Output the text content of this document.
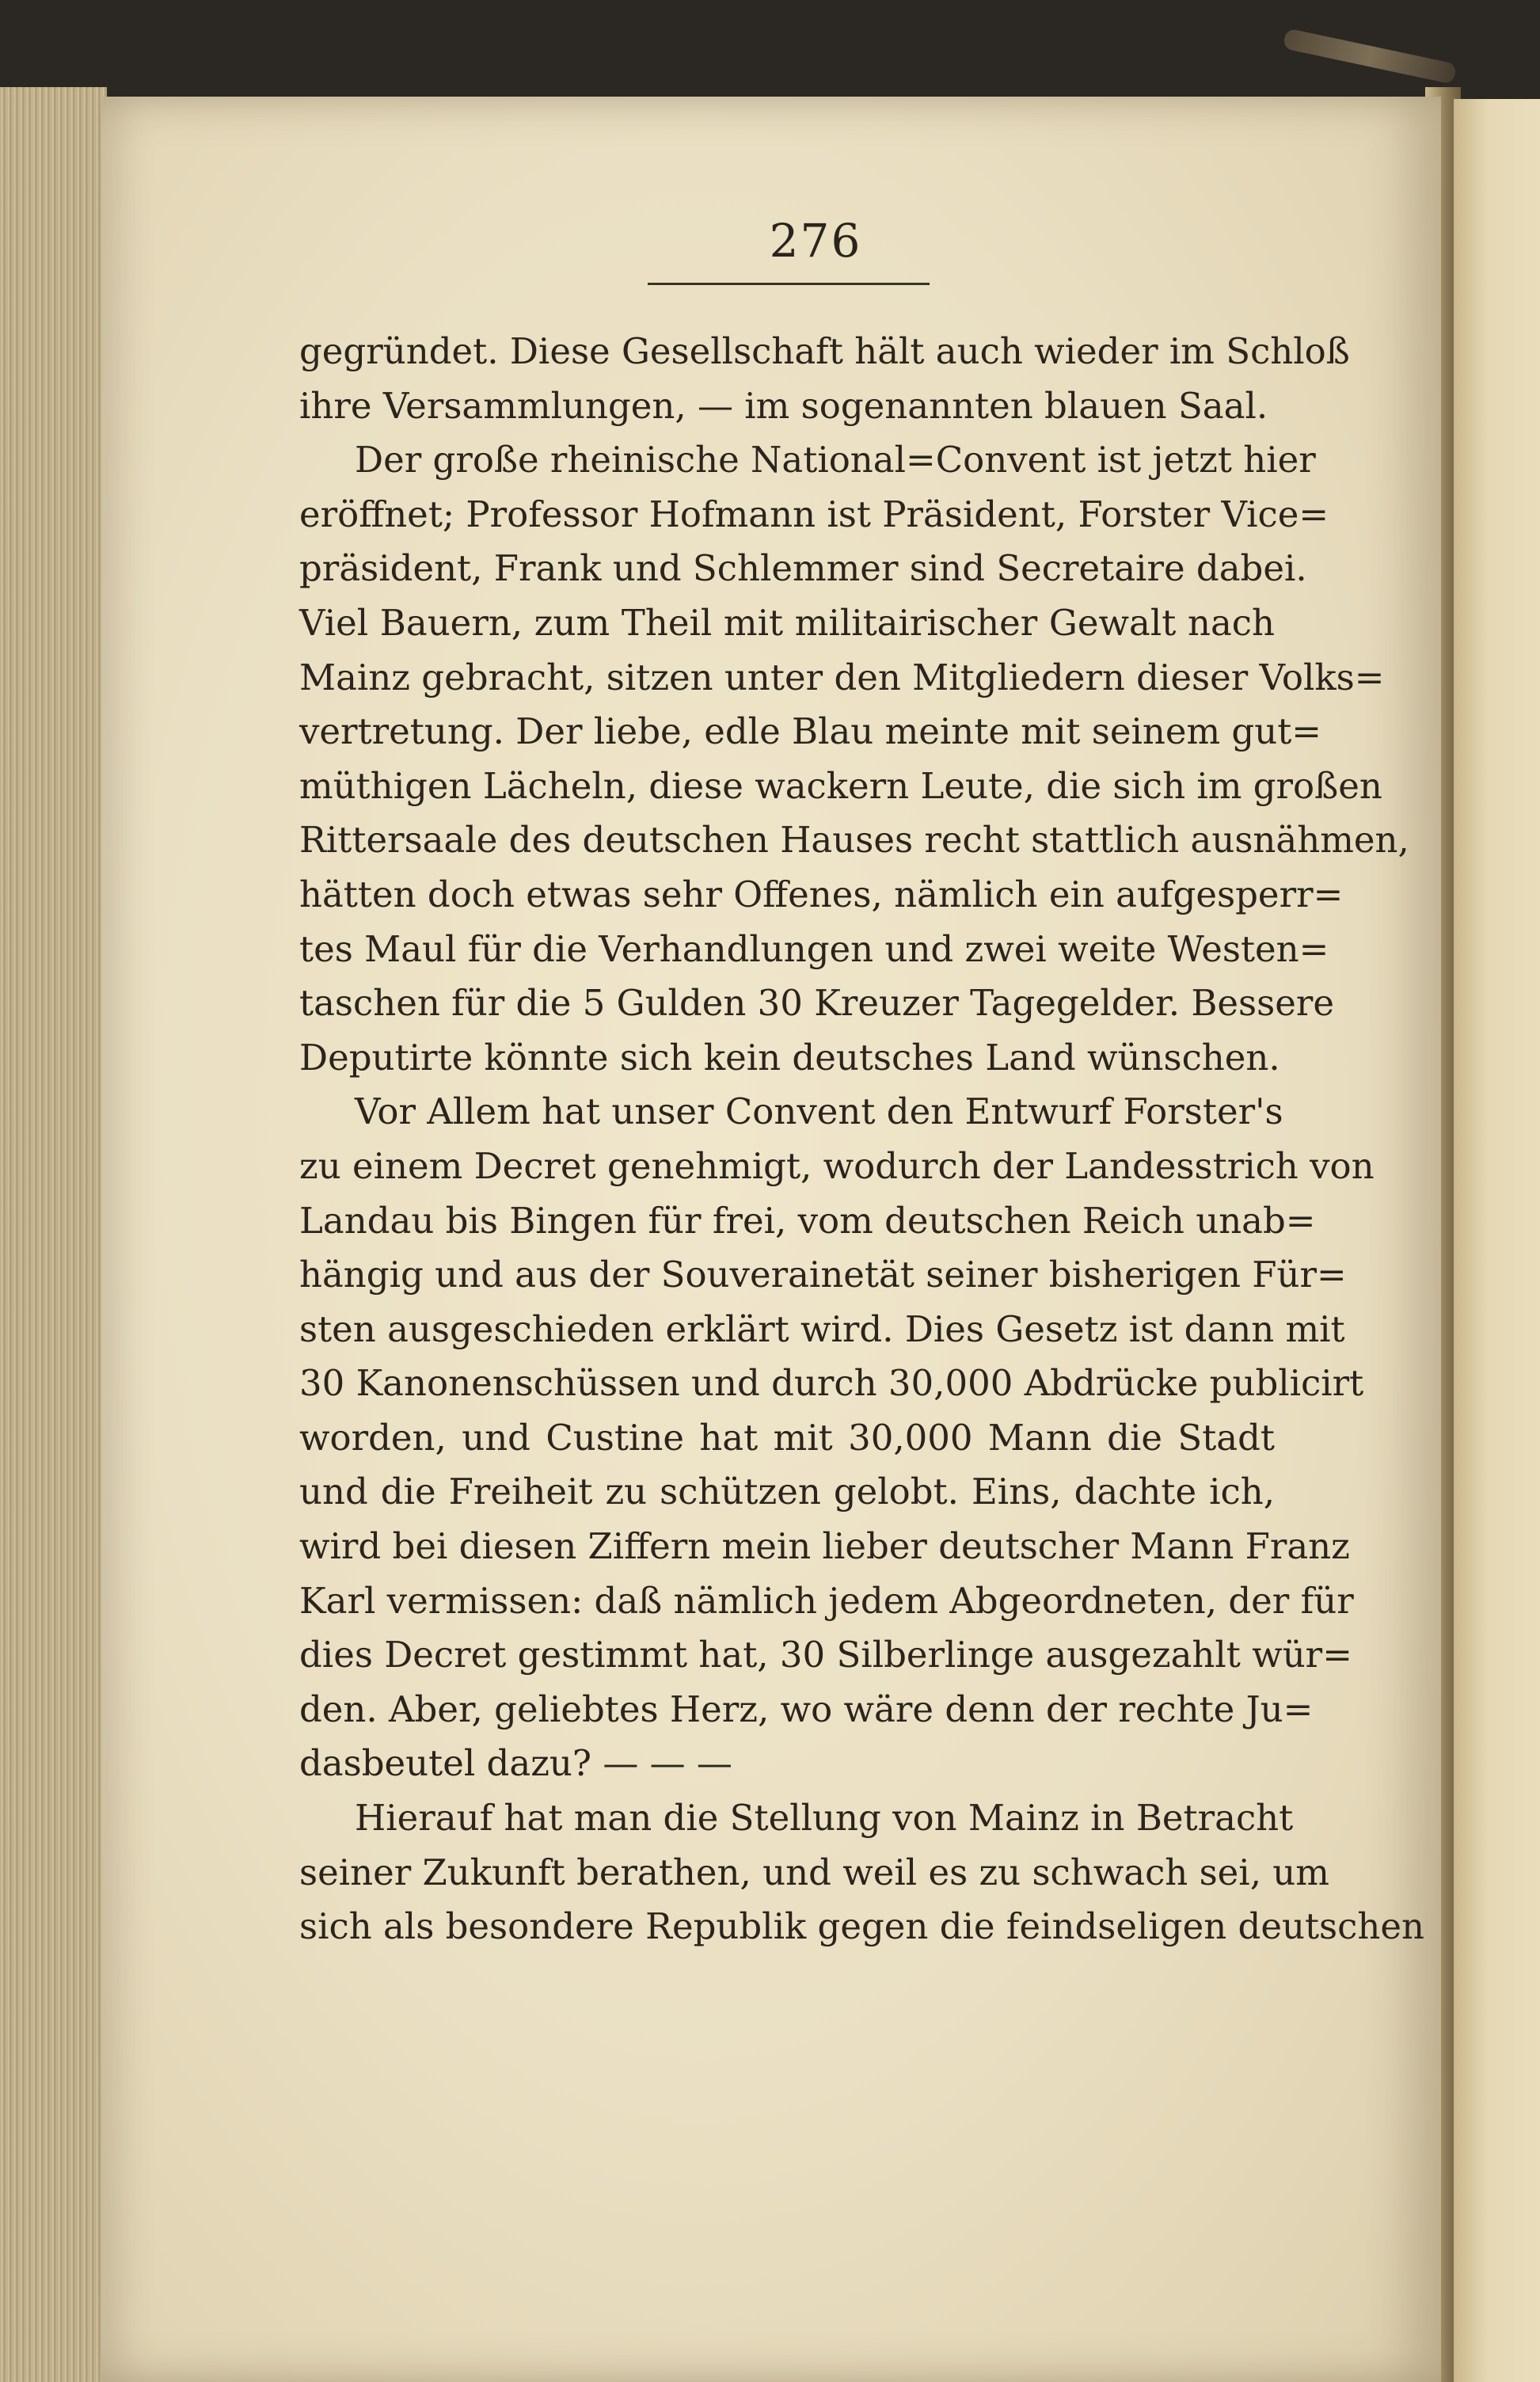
276
gegründet. Diese Gesellschaft hält auch wieder im Schloß
ihre Versammlungen, — im sogenannten blauen Saal.
Der große rheinische National=Convent ist jetzt hier
eröffnet; Professor Hofmann ist Präsident, Forster Vice=
präsident, Frank und Schlemmer sind Secretaire dabei.
Viel Bauern, zum Theil mit militairischer Gewalt nach
Mainz gebracht, sitzen unter den Mitgliedern dieser Volks=
vertretung. Der liebe, edle Blau meinte mit seinem gut=
müthigen Lächeln, diese wackern Leute, die sich im großen
Rittersaale des deutschen Hauses recht stattlich ausnähmen,
hätten doch etwas sehr Offenes, nämlich ein aufgesperr=
tes Maul für die Verhandlungen und zwei weite Westen=
taschen für die 5 Gulden 30 Kreuzer Tagegelder. Bessere
Deputirte könnte sich kein deutsches Land wünschen.
Vor Allem hat unser Convent den Entwurf Forster's
zu einem Decret genehmigt, wodurch der Landesstrich von
Landau bis Bingen für frei, vom deutschen Reich unab=
hängig und aus der Souverainetät seiner bisherigen Für=
sten ausgeschieden erklärt wird. Dies Gesetz ist dann mit
30 Kanonenschüssen und durch 30,000 Abdrücke publicirt
worden, und Custine hat mit 30,000 Mann die Stadt
und die Freiheit zu schützen gelobt. Eins, dachte ich,
wird bei diesen Ziffern mein lieber deutscher Mann Franz
Karl vermissen: daß nämlich jedem Abgeordneten, der für
dies Decret gestimmt hat, 30 Silberlinge ausgezahlt wür=
den. Aber, geliebtes Herz, wo wäre denn der rechte Ju=
dasbeutel dazu? — — —
Hierauf hat man die Stellung von Mainz in Betracht
seiner Zukunft berathen, und weil es zu schwach sei, um
sich als besondere Republik gegen die feindseligen deutschen
